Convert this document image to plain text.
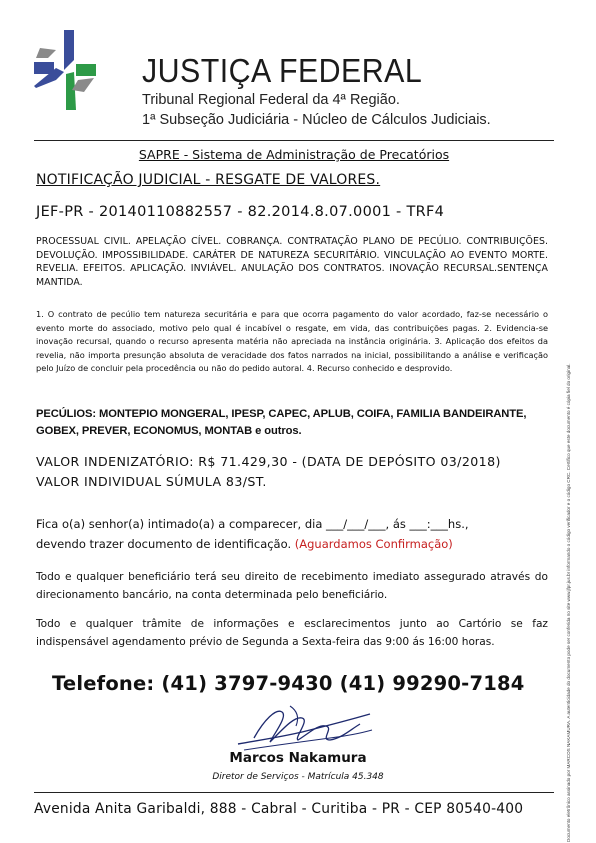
JUSTIÇA FEDERAL
Tribunal Regional Federal da 4ª Região.
1ª Subseção Judiciária - Núcleo de Cálculos Judiciais.
Documento eletrônico assinado por MARCOS NAKAMURA. A autenticidade do documento pode ser conferida no site www.jfpr.jus.br informando o código verificador e o código CRC. Certifico que este documento é cópia fiel do original.
SAPRE - Sistema de Administração de Precatórios
NOTIFICAÇÃO JUDICIAL - RESGATE DE VALORES.
JEF-PR - 20140110882557 - 82.2014.8.07.0001 - TRF4
PROCESSUAL CIVIL. APELAÇÃO CÍVEL. COBRANÇA. CONTRATAÇÃO PLANO DE PECÚLIO. CONTRIBUIÇÕES. DEVOLUÇÃO. IMPOSSIBILIDADE. CARÁTER DE NATUREZA SECURITÁRIO. VINCULAÇÃO AO EVENTO MORTE. REVELIA. EFEITOS. APLICAÇÃO. INVIÁVEL. ANULAÇÃO DOS CONTRATOS. INOVAÇÃO RECURSAL.SENTENÇA MANTIDA.
1. O contrato de pecúlio tem natureza securitária e para que ocorra pagamento do valor acordado, faz-se necessário o evento morte do associado, motivo pelo qual é incabível o resgate, em vida, das contribuições pagas. 2. Evidencia-se inovação recursal, quando o recurso apresenta matéria não apreciada na instância originária. 3. Aplicação dos efeitos da revelia, não importa presunção absoluta de veracidade dos fatos narrados na inicial, possibilitando a análise e verificação pelo Juízo de concluir pela procedência ou não do pedido autoral. 4. Recurso conhecido e desprovido.
PECÚLIOS: MONTEPIO MONGERAL, IPESP, CAPEC, APLUB, COIFA, FAMILIA BANDEIRANTE, GOBEX, PREVER, ECONOMUS, MONTAB e outros.
VALOR INDENIZATÓRIO: R$ 71.429,30 - (DATA DE DEPÓSITO 03/2018)
VALOR INDIVIDUAL SÚMULA 83/ST.
Fica o(a) senhor(a) intimado(a) a comparecer, dia ___/___/___, ás ___:___hs.,
devendo trazer documento de identificação. (Aguardamos Confirmação)
Todo e qualquer beneficiário terá seu direito de recebimento imediato assegurado através do direcionamento bancário, na conta determinada pelo beneficiário.
Todo e qualquer trâmite de informações e esclarecimentos junto ao Cartório se faz indispensável agendamento prévio de Segunda a Sexta-feira das 9:00 ás 16:00 horas.
Telefone: (41) 3797-9430 (41) 99290-7184
Marcos Nakamura
Diretor de Serviços - Matrícula 45.348
Avenida Anita Garibaldi, 888 - Cabral - Curitiba - PR - CEP 80540-400
